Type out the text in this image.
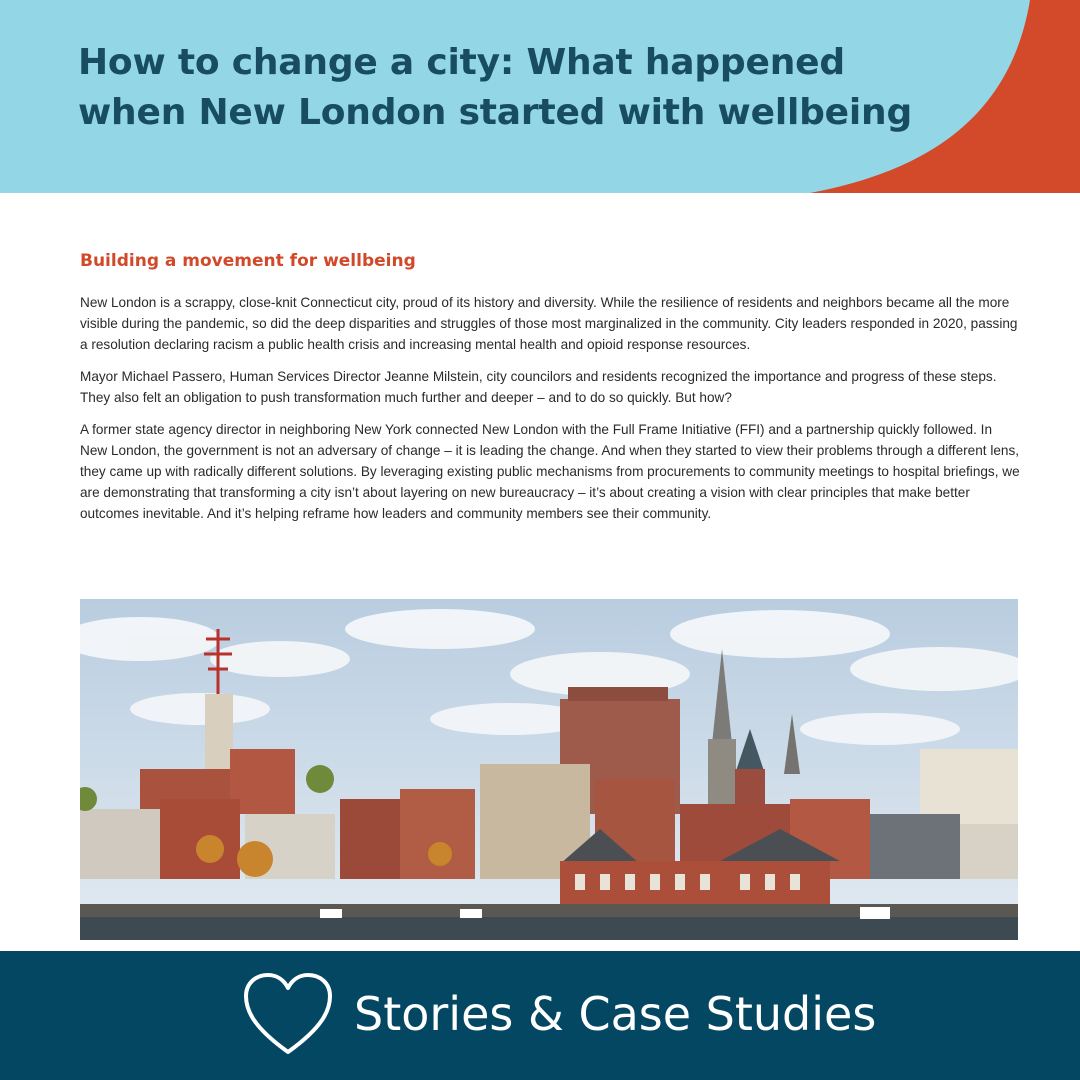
How to change a city: What happened
when New London started with wellbeing
Building a movement for wellbeing

New London is a scrappy, close-knit Connecticut city, proud of its history and diversity. While the resilience of residents and neighbors became all the more visible during the pandemic, so did the deep disparities and struggles of those most marginalized in the community. City leaders responded in 2020, passing a resolution declaring racism a public health crisis and increasing mental health and opioid response resources.

Mayor Michael Passero, Human Services Director Jeanne Milstein, city councilors and residents recognized the importance and progress of these steps. They also felt an obligation to push transformation much further and deeper – and to do so quickly. But how?

A former state agency director in neighboring New York connected New London with the Full Frame Initiative (FFI) and a partnership quickly followed. In New London, the government is not an adversary of change – it is leading the change. And when they started to view their problems through a different lens, they came up with radically different solutions. By leveraging existing public mechanisms from procurements to community meetings to hospital briefings, we are demonstrating that transforming a city isn’t about layering on new bureaucracy – it’s about creating a vision with clear principles that make better outcomes inevitable. And it’s helping reframe how leaders and community members see their community.

Stories & Case Studies
